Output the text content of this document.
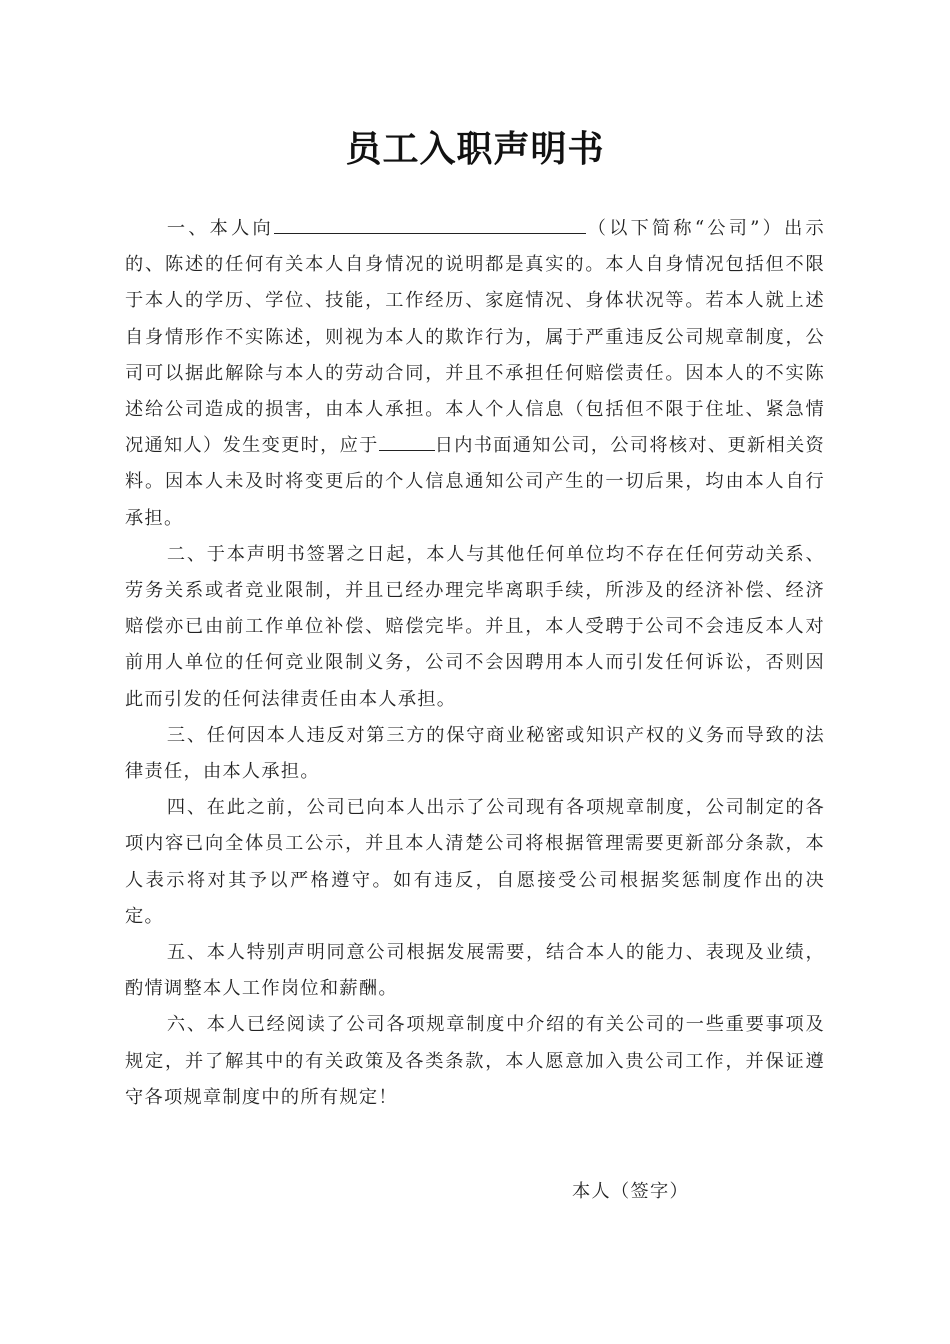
员工入职声明书

一、本人向	（以下简称“公司”）出示的、陈述的任何有关本人自身情况的说明都是真实的。本人自身情况包括但不限于本人的学历、学位、技能，工作经历、家庭情况、身体状况等。若本人就上述自身情形作不实陈述，则视为本人的欺诈行为，属于严重违反公司规章制度，公司可以据此解除与本人的劳动合同，并且不承担任何赔偿责任。因本人的不实陈述给公司造成的损害，由本人承担。本人个人信息（包括但不限于住址、紧急情况通知人）发生变更时，应于	日内书面通知公司，公司将核对、更新相关资料。因本人未及时将变更后的个人信息通知公司产生的一切后果，均由本人自行承担。

二、于本声明书签署之日起，本人与其他任何单位均不存在任何劳动关系、劳务关系或者竞业限制，并且已经办理完毕离职手续，所涉及的经济补偿、经济赔偿亦已由前工作单位补偿、赔偿完毕。并且，本人受聘于公司不会违反本人对前用人单位的任何竞业限制义务，公司不会因聘用本人而引发任何诉讼，否则因此而引发的任何法律责任由本人承担。

三、任何因本人违反对第三方的保守商业秘密或知识产权的义务而导致的法律责任，由本人承担。

四、在此之前，公司已向本人出示了公司现有各项规章制度，公司制定的各项内容已向全体员工公示，并且本人清楚公司将根据管理需要更新部分条款，本人表示将对其予以严格遵守。如有违反，自愿接受公司根据奖惩制度作出的决定。

五、本人特别声明同意公司根据发展需要，结合本人的能力、表现及业绩，酌情调整本人工作岗位和薪酬。

六、本人已经阅读了公司各项规章制度中介绍的有关公司的一些重要事项及规定，并了解其中的有关政策及各类条款，本人愿意加入贵公司工作，并保证遵守各项规章制度中的所有规定！

本人（签字）
